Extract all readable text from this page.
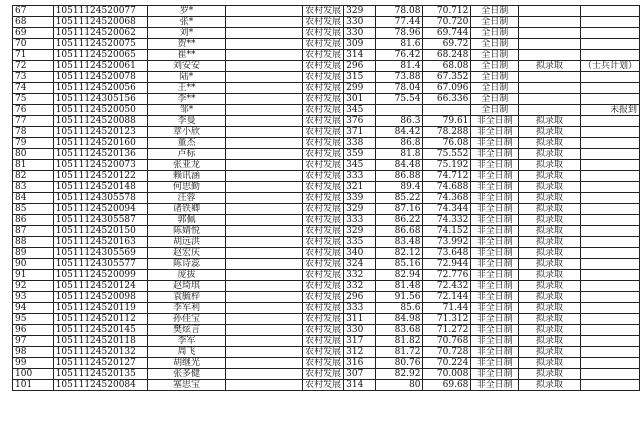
67	10511124520077	罗*		农村发展	329	78.08	70.712	全日制		
68	10511124520068	张*		农村发展	330	77.44	70.720	全日制		
69	10511124520062	刘*		农村发展	330	78.96	69.744	全日制		
70	10511124520075	贺**		农村发展	309	81.6	69.72	全日制		
71	10511124520065	崔**		农村发展	314	76.42	68.248	全日制		
72	10511124520061	刘安安		农村发展	296	81.4	68.08	全日制	拟录取	（士兵计划）
73	10511124520078	陆*		农村发展	315	73.88	67.352	全日制		
74	10511124520056	王**		农村发展	299	78.04	67.096	全日制		
75	10511124305156	李**		农村发展	301	75.54	66.336	全日制		
76	10511124520050	邹*		农村发展	345			全日制		未报到
77	10511124520088	李曼		农村发展	376	86.3	79.61	非全日制	拟录取	
78	10511124520123	章小欣		农村发展	371	84.42	78.288	非全日制	拟录取	
79	10511124520160	董杰		农村发展	338	86.8	76.08	非全日制	拟录取	
80	10511124520136	卢标		农村发展	359	81.8	75.552	非全日制	拟录取	
81	10511124520073	张亚龙		农村发展	345	84.48	75.192	非全日制	拟录取	
82	10511124520122	赖讯涵		农村发展	333	86.88	74.712	非全日制	拟录取	
83	10511124520148	何思勤		农村发展	321	89.4	74.688	非全日制	拟录取	
84	10511124305578	汪蓉		农村发展	339	85.22	74.368	非全日制	拟录取	
85	10511124520094	诸铁卿		农村发展	329	87.16	74.344	非全日制	拟录取	
86	10511124305587	郭佩		农村发展	333	86.22	74.332	非全日制	拟录取	
87	10511124520150	陈婧悦		农村发展	329	86.68	74.152	非全日制	拟录取	
88	10511124520163	胡远洪		农村发展	335	83.48	73.992	非全日制	拟录取	
89	10511124305569	赵宏庆		农村发展	340	82.12	73.648	非全日制	拟录取	
90	10511124305577	陈诗蕊		农村发展	324	85.16	72.944	非全日制	拟录取	
91	10511124520099	庞拔		农村发展	332	82.94	72.776	非全日制	拟录取	
92	10511124520124	赵琦琪		农村发展	332	81.48	72.432	非全日制	拟录取	
93	10511124520098	袁毓梓		农村发展	296	91.56	72.144	非全日制	拟录取	
94	10511124520119	李军利		农村发展	333	85.6	71.44	非全日制	拟录取	
95	10511124520112	孙佳宝		农村发展	311	84.98	71.312	非全日制	拟录取	
96	10511124520145	樊炫言		农村发展	330	83.68	71.272	非全日制	拟录取	
97	10511124520118	李军		农村发展	317	81.82	70.768	非全日制	拟录取	
98	10511124520132	周飞		农村发展	312	81.72	70.728	非全日制	拟录取	
99	10511124520127	胡继光		农村发展	316	80.76	70.224	非全日制	拟录取	
100	10511124520135	张多健		农村发展	307	82.92	70.008	非全日制	拟录取	
101	10511124520084	塞思宝		农村发展	314	80	69.68	非全日制	拟录取	
